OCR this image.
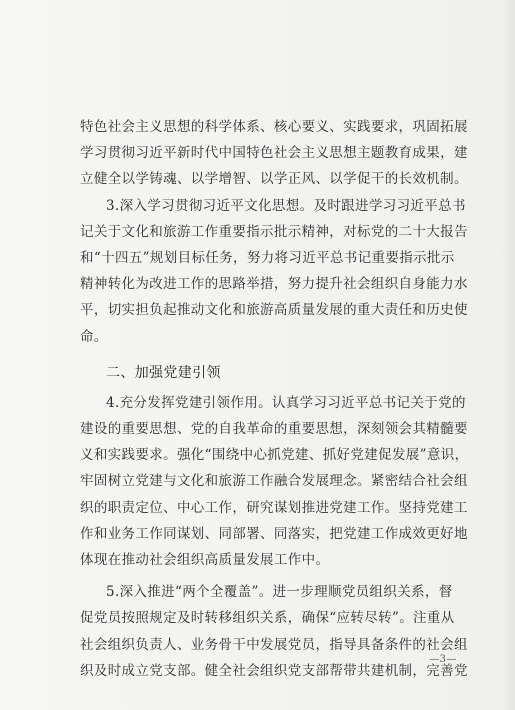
特色社会主义思想的科学体系、核心要义、实践要求，巩固拓展
学习贯彻习近平新时代中国特色社会主义思想主题教育成果，建
立健全以学铸魂、以学增智、以学正风、以学促干的长效机制。
3.深入学习贯彻习近平文化思想。及时跟进学习习近平总书
记关于文化和旅游工作重要指示批示精神，对标党的二十大报告
和“十四五”规划目标任务，努力将习近平总书记重要指示批示
精神转化为改进工作的思路举措，努力提升社会组织自身能力水
平，切实担负起推动文化和旅游高质量发展的重大责任和历史使
命。
二、加强党建引领
4.充分发挥党建引领作用。认真学习习近平总书记关于党的
建设的重要思想、党的自我革命的重要思想，深刻领会其精髓要
义和实践要求。强化“围绕中心抓党建、抓好党建促发展”意识，
牢固树立党建与文化和旅游工作融合发展理念。紧密结合社会组
织的职责定位、中心工作，研究谋划推进党建工作。坚持党建工
作和业务工作同谋划、同部署、同落实，把党建工作成效更好地
体现在推动社会组织高质量发展工作中。
5.深入推进“两个全覆盖”。进一步理顺党员组织关系，督
促党员按照规定及时转移组织关系，确保“应转尽转”。注重从
社会组织负责人、业务骨干中发展党员，指导具备条件的社会组
织及时成立党支部。健全社会组织党支部帮带共建机制，完善党
—3—
